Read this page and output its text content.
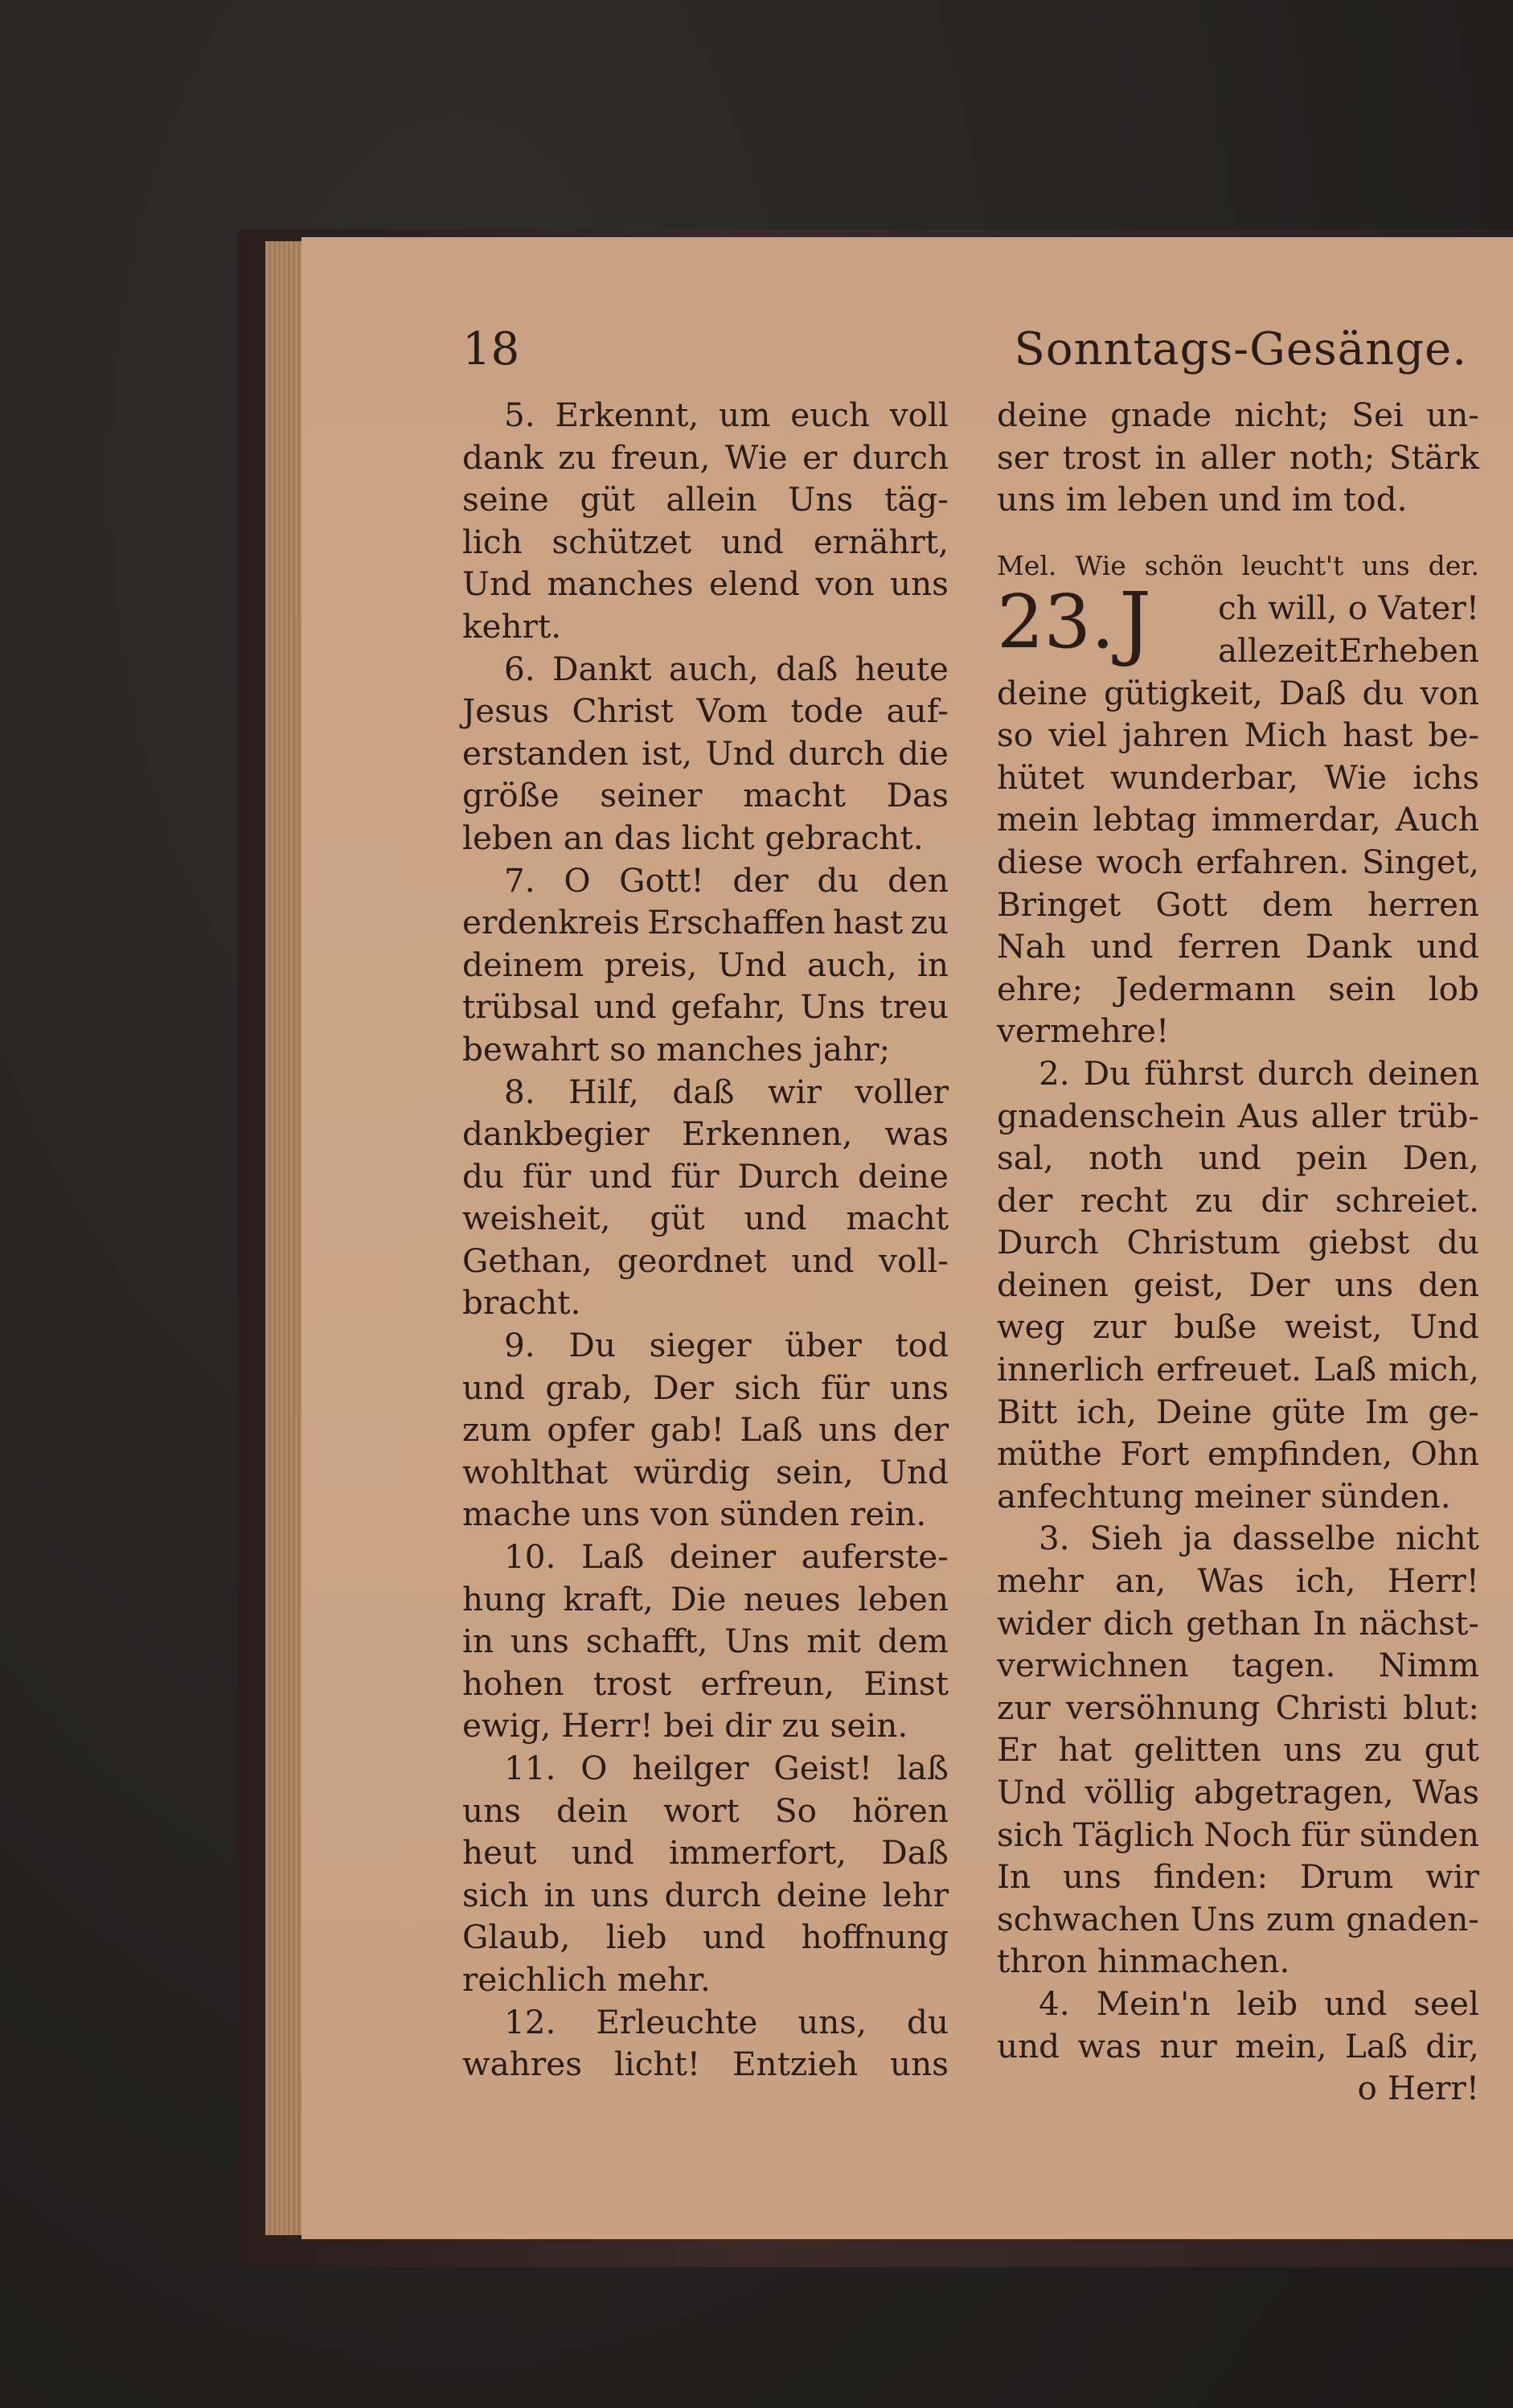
18	Sonntags-Gesänge.
5. Erkennt, um euch voll
dank zu freun, Wie er durch
seine güt allein Uns täg-
lich schützet und ernährt,
Und manches elend von uns
kehrt.
6. Dankt auch, daß heute
Jesus Christ Vom tode auf-
erstanden ist, Und durch die
größe seiner macht Das
leben an das licht gebracht.
7. O Gott! der du den
erdenkreis Erschaffen hast zu
deinem preis, Und auch, in
trübsal und gefahr, Uns treu
bewahrt so manches jahr;
8. Hilf, daß wir voller
dankbegier Erkennen, was
du für und für Durch deine
weisheit, güt und macht
Gethan, geordnet und voll-
bracht.
9. Du sieger über tod
und grab, Der sich für uns
zum opfer gab! Laß uns der
wohlthat würdig sein, Und
mache uns von sünden rein.
10. Laß deiner auferste-
hung kraft, Die neues leben
in uns schafft, Uns mit dem
hohen trost erfreun, Einst
ewig, Herr! bei dir zu sein.
11. O heilger Geist! laß
uns dein wort So hören
heut und immerfort, Daß
sich in uns durch deine lehr
Glaub, lieb und hoffnung
reichlich mehr.
12. Erleuchte uns, du
wahres licht! Entzieh uns
deine gnade nicht; Sei un-
ser trost in aller noth; Stärk
uns im leben und im tod.
Mel. Wie schön leucht't uns der.
23. J ch will, o Vater!
allezeit Erheben
deine gütigkeit, Daß du von
so viel jahren Mich hast be-
hütet wunderbar, Wie ichs
mein lebtag immerdar, Auch
diese woch erfahren. Singet,
Bringet Gott dem herren
Nah und ferren Dank und
ehre; Jedermann sein lob
vermehre!
2. Du führst durch deinen
gnadenschein Aus aller trüb-
sal, noth und pein Den,
der recht zu dir schreiet.
Durch Christum giebst du
deinen geist, Der uns den
weg zur buße weist, Und
innerlich erfreuet. Laß mich,
Bitt ich, Deine güte Im ge-
müthe Fort empfinden, Ohn
anfechtung meiner sünden.
3. Sieh ja dasselbe nicht
mehr an, Was ich, Herr!
wider dich gethan In nächst-
verwichnen tagen. Nimm
zur versöhnung Christi blut:
Er hat gelitten uns zu gut
Und völlig abgetragen, Was
sich Täglich Noch für sünden
In uns finden: Drum wir
schwachen Uns zum gnaden-
thron hinmachen.
4. Mein'n leib und seel
und was nur mein, Laß dir,
o Herr!
